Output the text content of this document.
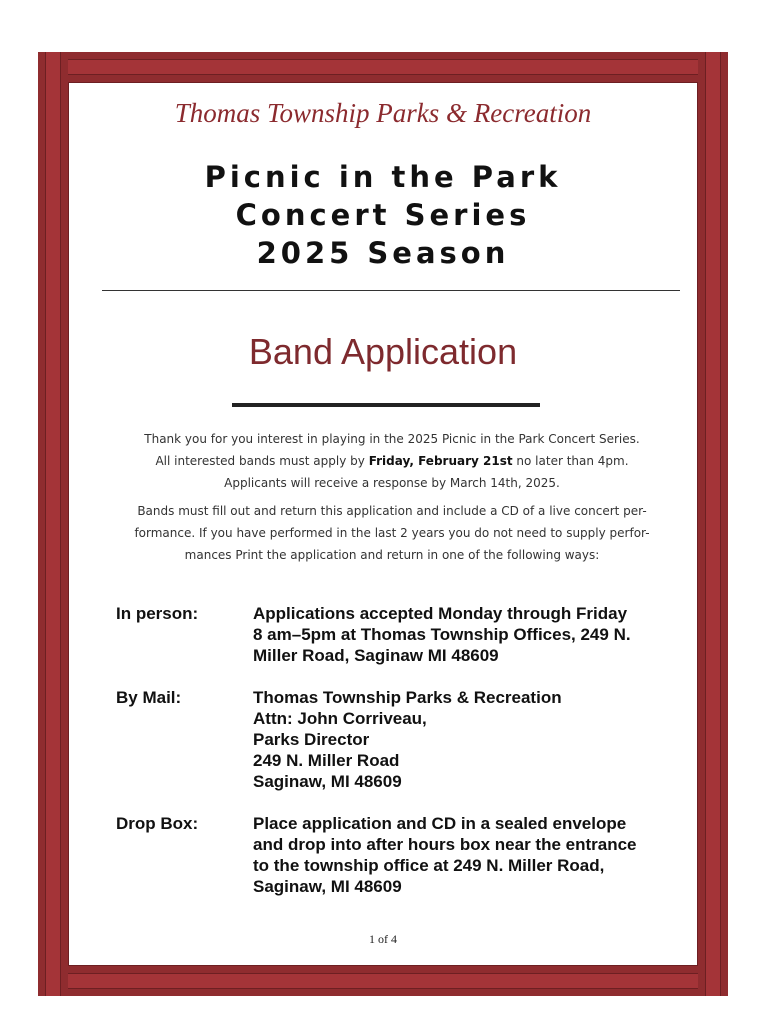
Thomas Township Parks & Recreation
Picnic in the Park
Concert Series
2025 Season
Band Application
Thank you for you interest in playing in the 2025 Picnic in the Park Concert Series.
All interested bands must apply by Friday, February 21st no later than 4pm.
Applicants will receive a response by March 14th, 2025.
Bands must fill out and return this application and include a CD of a live concert per-formance. If you have performed in the last 2 years you do not need to supply perfor-mances Print the application and return in one of the following ways:
In person:	Applications accepted Monday through Friday
8 am–5pm at Thomas Township Offices, 249 N.
Miller Road, Saginaw MI 48609
By Mail:	Thomas Township Parks & Recreation
Attn: John Corriveau,
Parks Director
249 N. Miller Road
Saginaw, MI 48609
Drop Box:	Place application and CD in a sealed envelope
and drop into after hours box near the entrance
to the township office at 249 N. Miller Road,
Saginaw, MI 48609
1 of 4
